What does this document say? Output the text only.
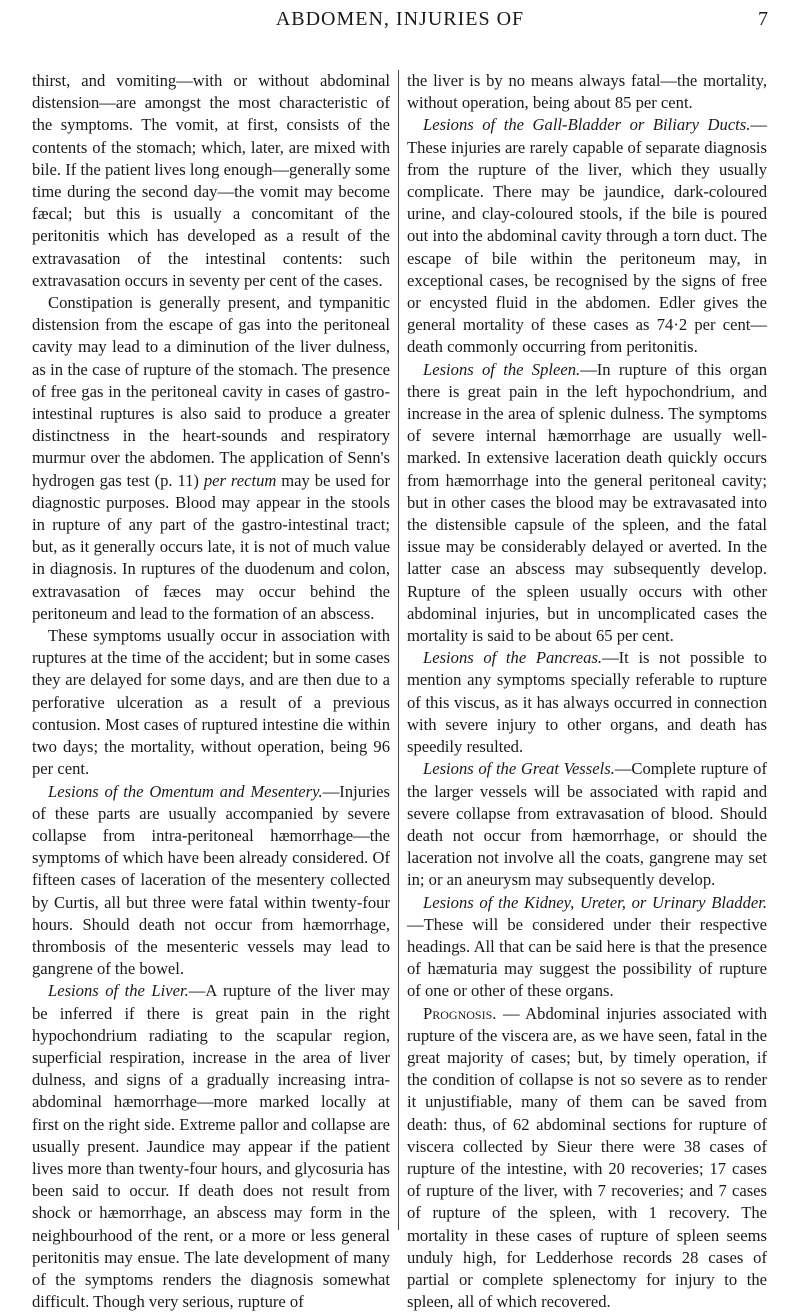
ABDOMEN, INJURIES OF	7

thirst, and vomiting—with or without abdominal distension—are amongst the most characteristic of the symptoms. The vomit, at first, consists of the contents of the stomach; which, later, are mixed with bile. If the patient lives long enough—generally some time during the second day—the vomit may become fæcal; but this is usually a concomitant of the peritonitis which has developed as a result of the extravasation of the intestinal contents: such extravasation occurs in seventy per cent of the cases.

Constipation is generally present, and tympanitic distension from the escape of gas into the peritoneal cavity may lead to a diminution of the liver dulness, as in the case of rupture of the stomach. The presence of free gas in the peritoneal cavity in cases of gastro-intestinal ruptures is also said to produce a greater distinctness in the heart-sounds and respiratory murmur over the abdomen. The application of Senn's hydrogen gas test (p. 11) per rectum may be used for diagnostic purposes. Blood may appear in the stools in rupture of any part of the gastro-intestinal tract; but, as it generally occurs late, it is not of much value in diagnosis. In ruptures of the duodenum and colon, extravasation of fæces may occur behind the peritoneum and lead to the formation of an abscess.

These symptoms usually occur in association with ruptures at the time of the accident; but in some cases they are delayed for some days, and are then due to a perforative ulceration as a result of a previous contusion. Most cases of ruptured intestine die within two days; the mortality, without operation, being 96 per cent.

Lesions of the Omentum and Mesentery.—Injuries of these parts are usually accompanied by severe collapse from intra-peritoneal hæmorrhage—the symptoms of which have been already considered. Of fifteen cases of laceration of the mesentery collected by Curtis, all but three were fatal within twenty-four hours. Should death not occur from hæmorrhage, thrombosis of the mesenteric vessels may lead to gangrene of the bowel.

Lesions of the Liver.—A rupture of the liver may be inferred if there is great pain in the right hypochondrium radiating to the scapular region, superficial respiration, increase in the area of liver dulness, and signs of a gradually increasing intra-abdominal hæmorrhage—more marked locally at first on the right side. Extreme pallor and collapse are usually present. Jaundice may appear if the patient lives more than twenty-four hours, and glycosuria has been said to occur. If death does not result from shock or hæmorrhage, an abscess may form in the neighbourhood of the rent, or a more or less general peritonitis may ensue. The late development of many of the symptoms renders the diagnosis somewhat difficult. Though very serious, rupture of

the liver is by no means always fatal—the mortality, without operation, being about 85 per cent.

Lesions of the Gall-Bladder or Biliary Ducts.—These injuries are rarely capable of separate diagnosis from the rupture of the liver, which they usually complicate. There may be jaundice, dark-coloured urine, and clay-coloured stools, if the bile is poured out into the abdominal cavity through a torn duct. The escape of bile within the peritoneum may, in exceptional cases, be recognised by the signs of free or encysted fluid in the abdomen. Edler gives the general mortality of these cases as 74·2 per cent—death commonly occurring from peritonitis.

Lesions of the Spleen.—In rupture of this organ there is great pain in the left hypochondrium, and increase in the area of splenic dulness. The symptoms of severe internal hæmorrhage are usually well-marked. In extensive laceration death quickly occurs from hæmorrhage into the general peritoneal cavity; but in other cases the blood may be extravasated into the distensible capsule of the spleen, and the fatal issue may be considerably delayed or averted. In the latter case an abscess may subsequently develop. Rupture of the spleen usually occurs with other abdominal injuries, but in uncomplicated cases the mortality is said to be about 65 per cent.

Lesions of the Pancreas.—It is not possible to mention any symptoms specially referable to rupture of this viscus, as it has always occurred in connection with severe injury to other organs, and death has speedily resulted.

Lesions of the Great Vessels.—Complete rupture of the larger vessels will be associated with rapid and severe collapse from extravasation of blood. Should death not occur from hæmorrhage, or should the laceration not involve all the coats, gangrene may set in; or an aneurysm may subsequently develop.

Lesions of the Kidney, Ureter, or Urinary Bladder.—These will be considered under their respective headings. All that can be said here is that the presence of hæmaturia may suggest the possibility of rupture of one or other of these organs.

Prognosis. — Abdominal injuries associated with rupture of the viscera are, as we have seen, fatal in the great majority of cases; but, by timely operation, if the condition of collapse is not so severe as to render it unjustifiable, many of them can be saved from death: thus, of 62 abdominal sections for rupture of viscera collected by Sieur there were 38 cases of rupture of the intestine, with 20 recoveries; 17 cases of rupture of the liver, with 7 recoveries; and 7 cases of rupture of the spleen, with 1 recovery. The mortality in these cases of rupture of spleen seems unduly high, for Ledderhose records 28 cases of partial or complete splenectomy for injury to the spleen, all of which recovered.
